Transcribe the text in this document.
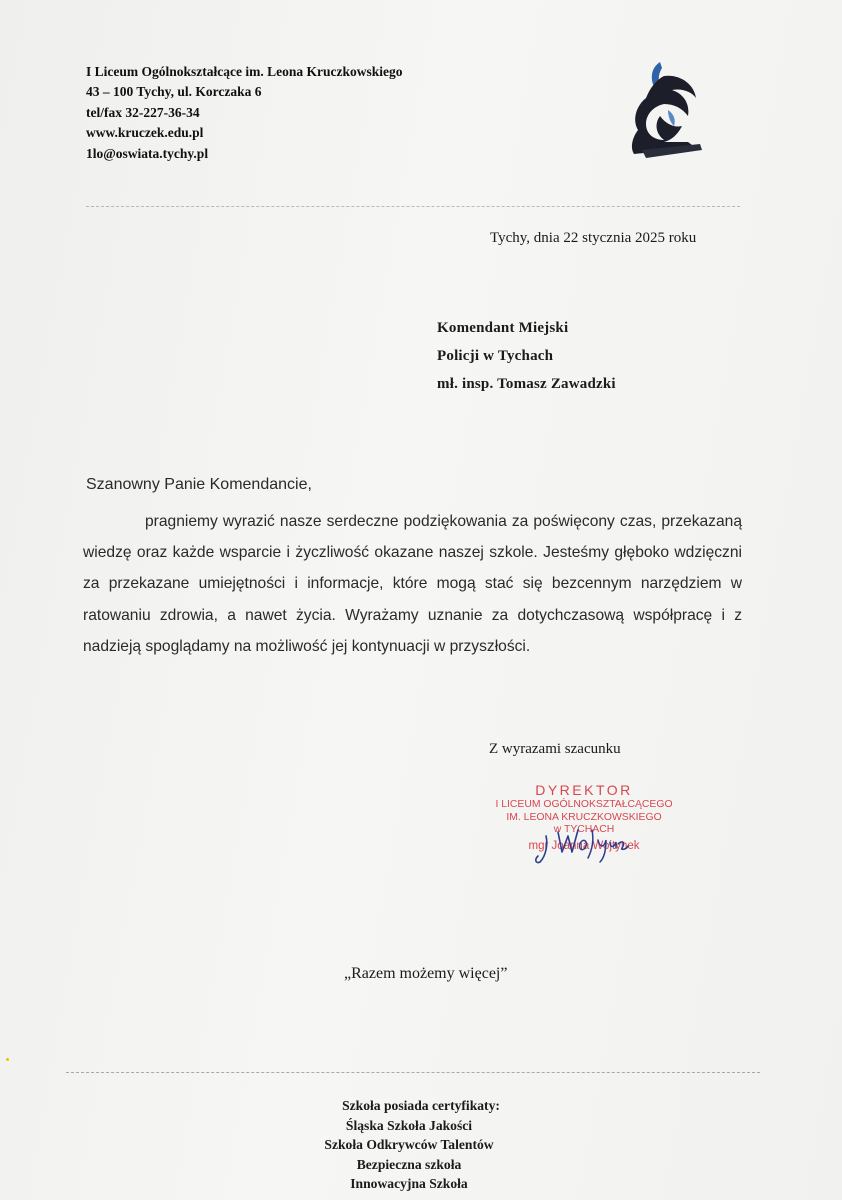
I Liceum Ogólnokształcące im. Leona Kruczkowskiego
43 – 100 Tychy, ul. Korczaka 6
tel/fax 32-227-36-34
www.kruczek.edu.pl
1lo@oswiata.tychy.pl
Tychy, dnia 22 stycznia 2025 roku
Komendant Miejski
Policji w Tychach
mł. insp. Tomasz Zawadzki
Szanowny Panie Komendancie,
pragniemy wyrazić nasze serdeczne podziękowania za poświęcony czas, przekazaną wiedzę oraz każde wsparcie i życzliwość okazane naszej szkole. Jesteśmy głęboko wdzięczni za przekazane umiejętności i informacje, które mogą stać się bezcennym narzędziem w ratowaniu zdrowia, a nawet życia. Wyrażamy uznanie za dotychczasową współpracę i z nadzieją spoglądamy na możliwość jej kontynuacji w przyszłości.
Z wyrazami szacunku
DYREKTOR
I LICEUM OGÓLNOKSZTAŁCĄCEGO
IM. LEONA KRUCZKOWSKIEGO
w TYCHACH
mgr Joanna Wojtynek
„Razem możemy więcej”
Szkoła posiada certyfikaty:
Śląska Szkoła Jakości
Szkoła Odkrywców Talentów
Bezpieczna szkoła
Innowacyjna Szkoła
